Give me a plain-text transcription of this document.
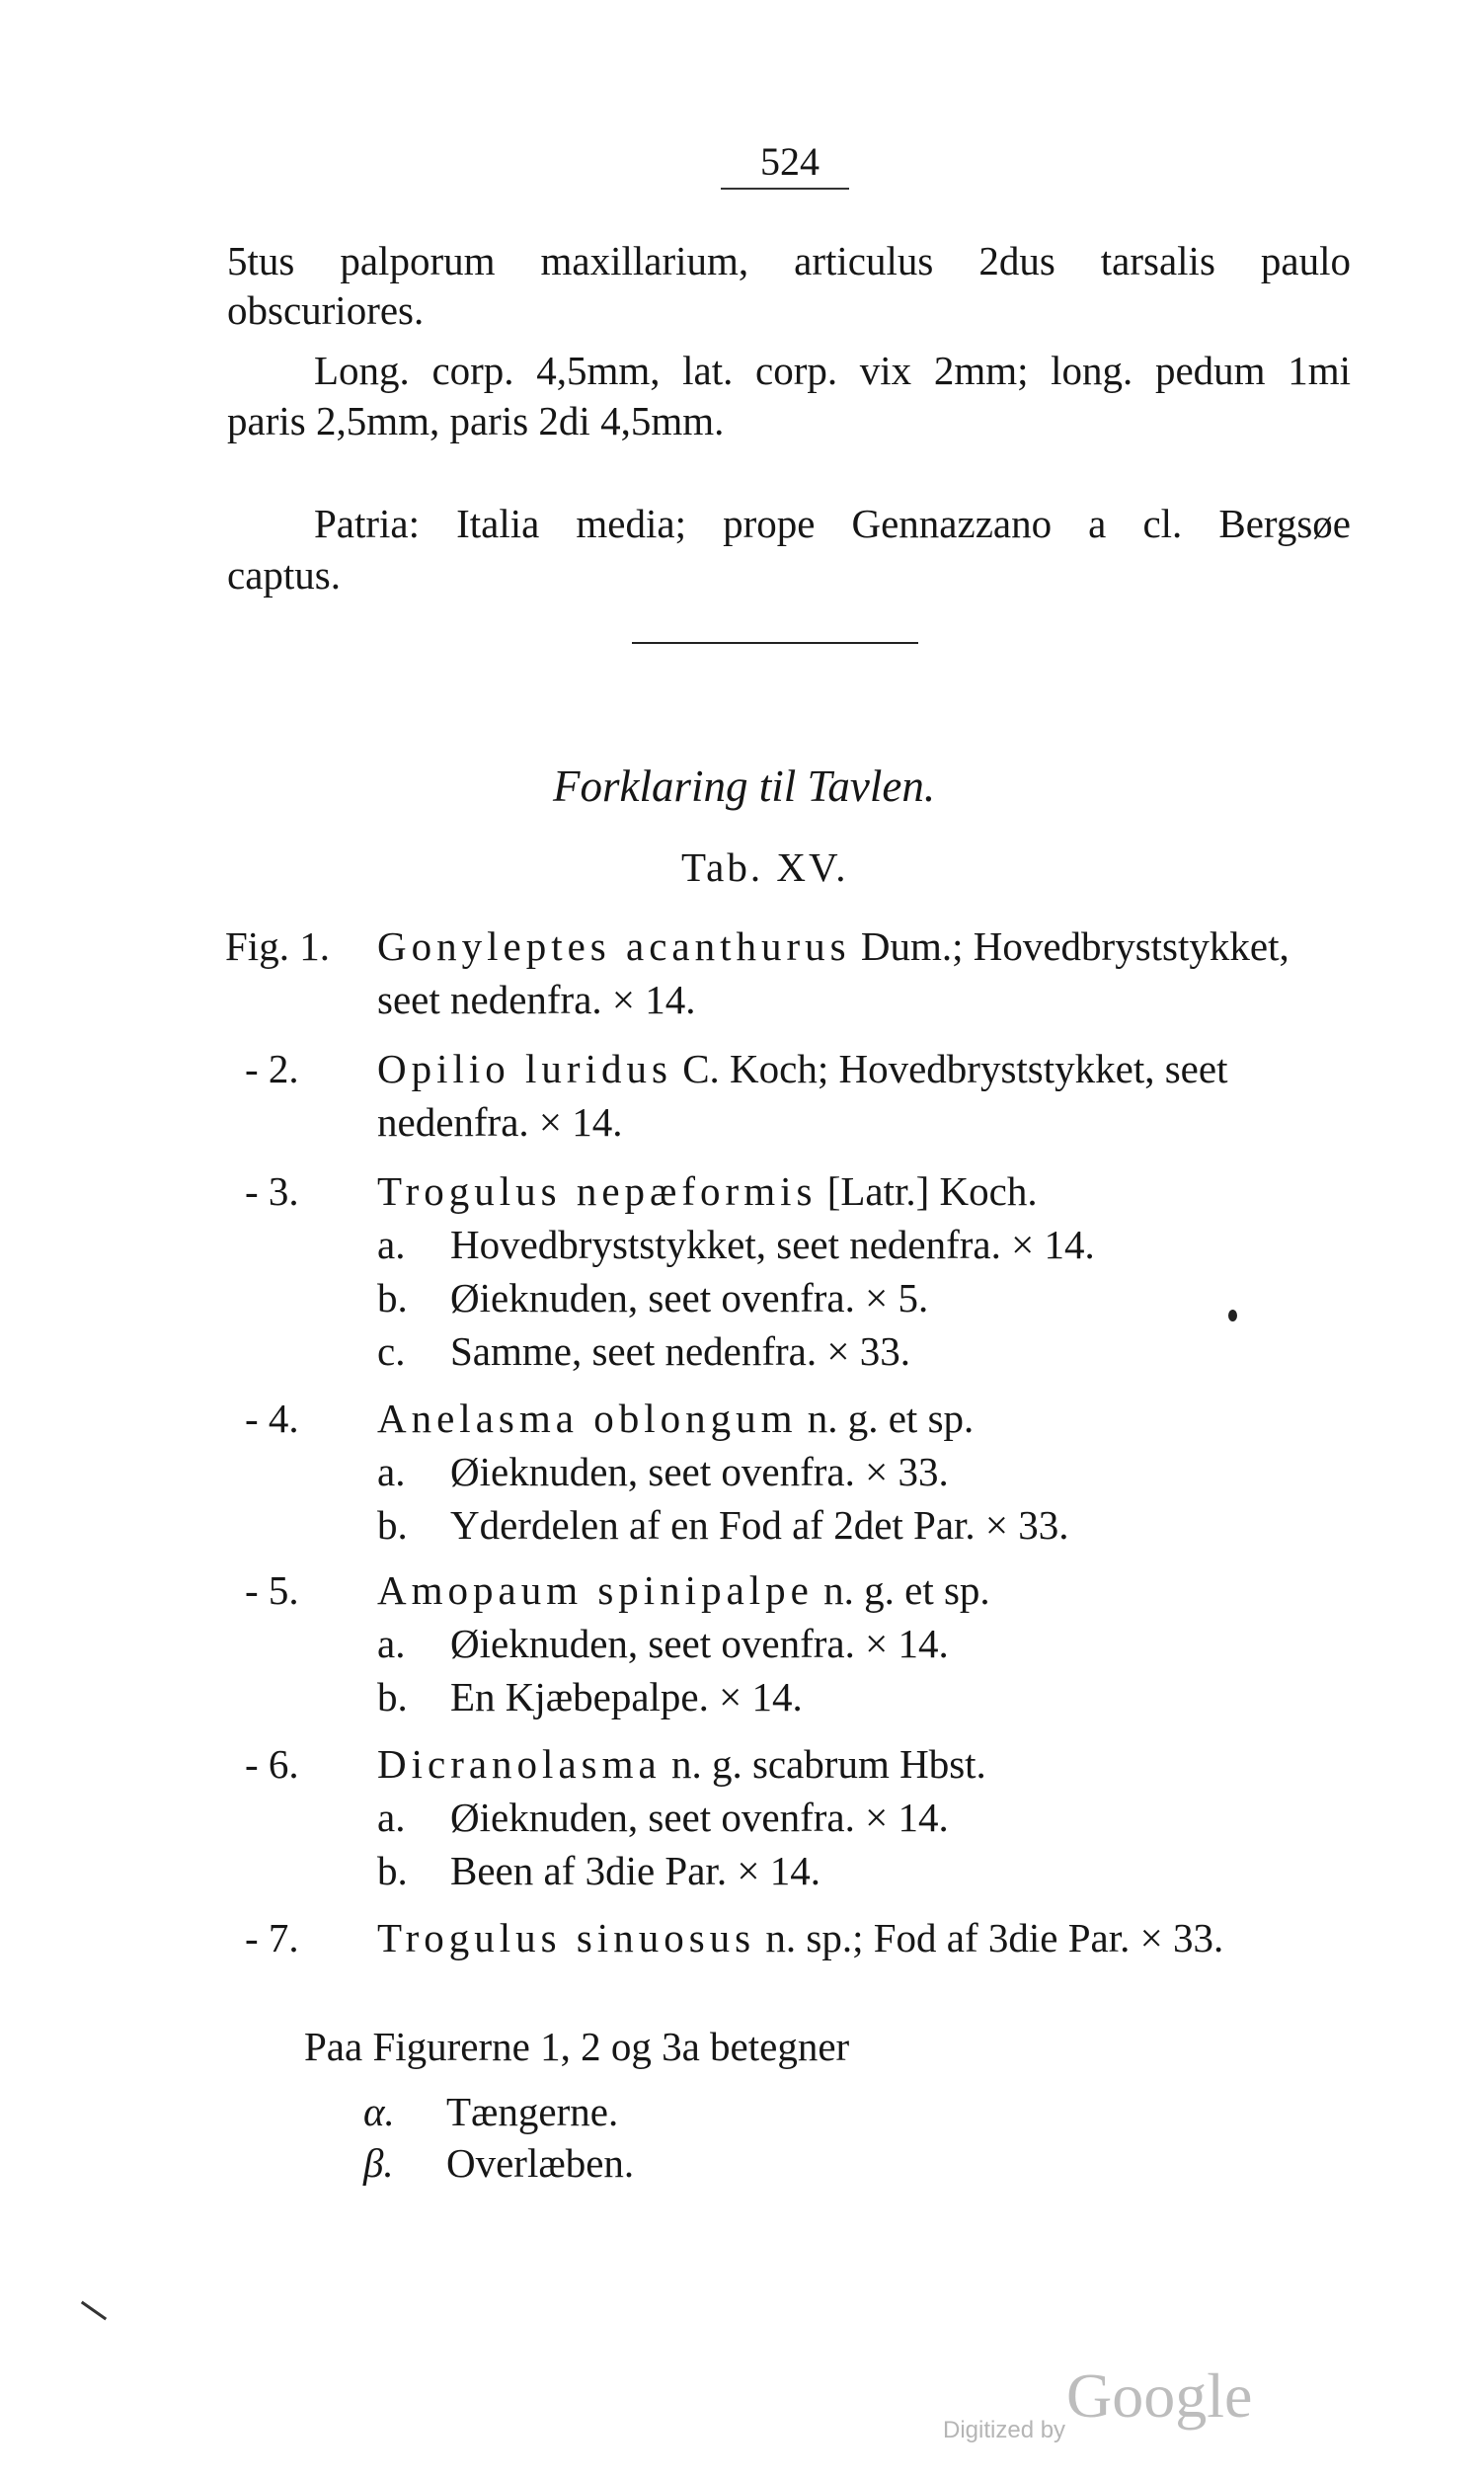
524
5tus palporum maxillarium, articulus 2dus tarsalis paulo
obscuriores.
Long. corp. 4,5mm, lat. corp. vix 2mm; long. pedum 1mi
paris 2,5mm, paris 2di 4,5mm.
Patria: Italia media; prope Gennazzano a cl. Bergsøe
captus.
Forklaring til Tavlen.
Tab. XV.
Fig. 1. Gonyleptes acanthurus Dum.; Hovedbryststykket,
seet nedenfra. × 14.
- 2.	Opilio luridus C. Koch; Hovedbryststykket, seet
nedenfra. × 14.
- 3.	Trogulus nepæformis [Latr.] Koch.
a. Hovedbryststykket, seet nedenfra. × 14.
b. Øieknuden, seet ovenfra. × 5.
c. Samme, seet nedenfra. × 33.
- 4.	Anelasma oblongum n. g. et sp.
a. Øieknuden, seet ovenfra. × 33.
b. Yderdelen af en Fod af 2det Par. × 33.
- 5.	Amopaum spinipalpe n. g. et sp.
a. Øieknuden, seet ovenfra. × 14.
b. En Kjæbepalpe. × 14.
- 6.	Dicranolasma n. g. scabrum Hbst.
a. Øieknuden, seet ovenfra. × 14.
b. Been af 3die Par. × 14.
- 7.	Trogulus sinuosus n. sp.; Fod af 3die Par. × 33.
Paa Figurerne 1, 2 og 3a betegner
α. Tængerne.
β. Overlæben.
Digitized by Google
